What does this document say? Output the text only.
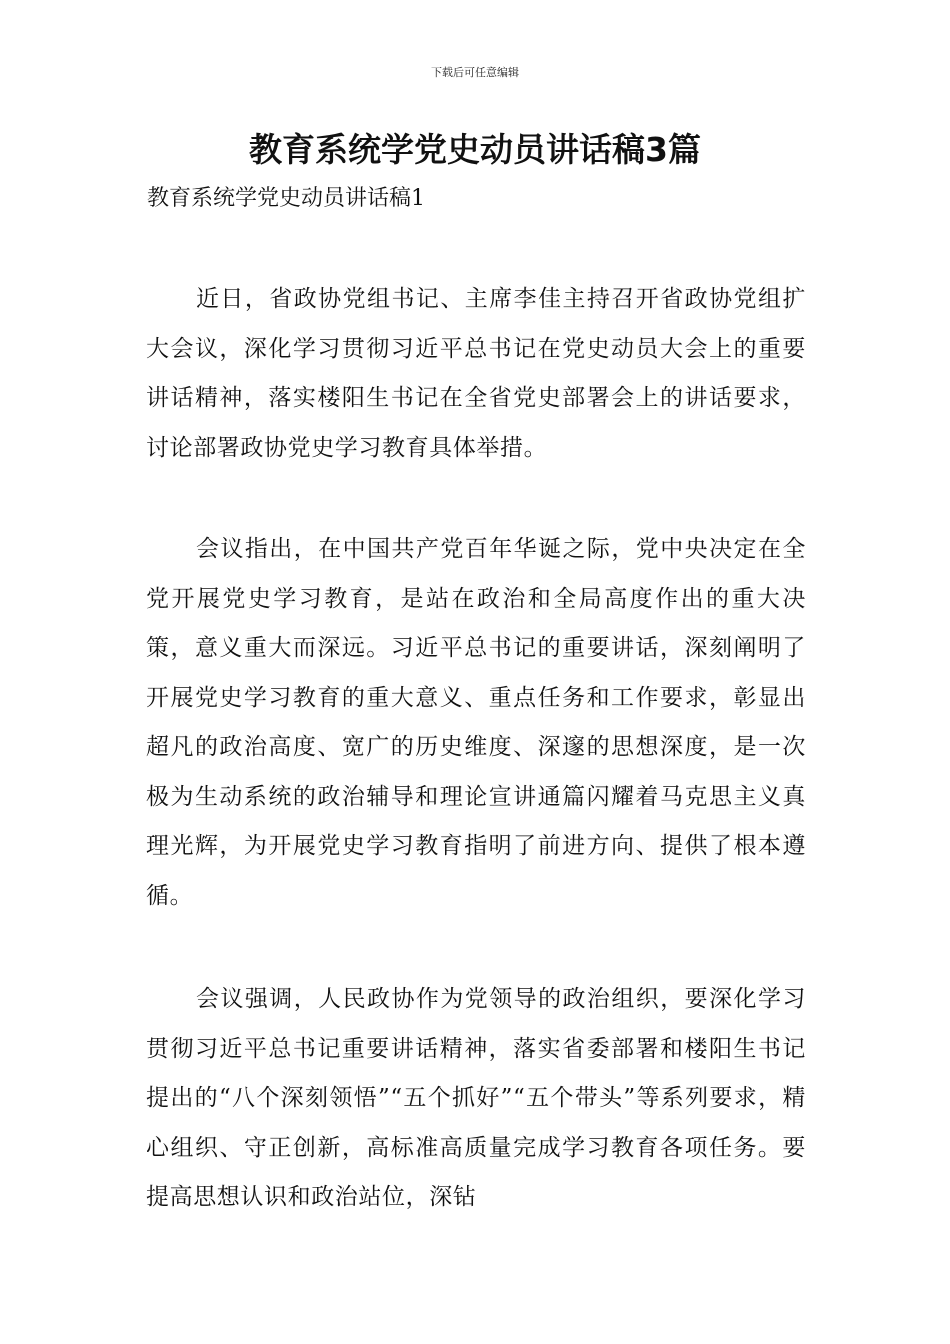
下载后可任意编辑
教育系统学党史动员讲话稿3篇

教育系统学党史动员讲话稿1

近日，省政协党组书记、主席李佳主持召开省政协党组扩大会议，深化学习贯彻习近平总书记在党史动员大会上的重要讲话精神，落实楼阳生书记在全省党史部署会上的讲话要求，讨论部署政协党史学习教育具体举措。

会议指出，在中国共产党百年华诞之际，党中央决定在全党开展党史学习教育，是站在政治和全局高度作出的重大决策，意义重大而深远。习近平总书记的重要讲话，深刻阐明了开展党史学习教育的重大意义、重点任务和工作要求，彰显出超凡的政治高度、宽广的历史维度、深邃的思想深度，是一次极为生动系统的政治辅导和理论宣讲通篇闪耀着马克思主义真理光辉，为开展党史学习教育指明了前进方向、提供了根本遵循。

会议强调，人民政协作为党领导的政治组织，要深化学习贯彻习近平总书记重要讲话精神，落实省委部署和楼阳生书记提出的“八个深刻领悟”“五个抓好”“五个带头”等系列要求，精心组织、守正创新，高标准高质量完成学习教育各项任务。要提高思想认识和政治站位，深钻
